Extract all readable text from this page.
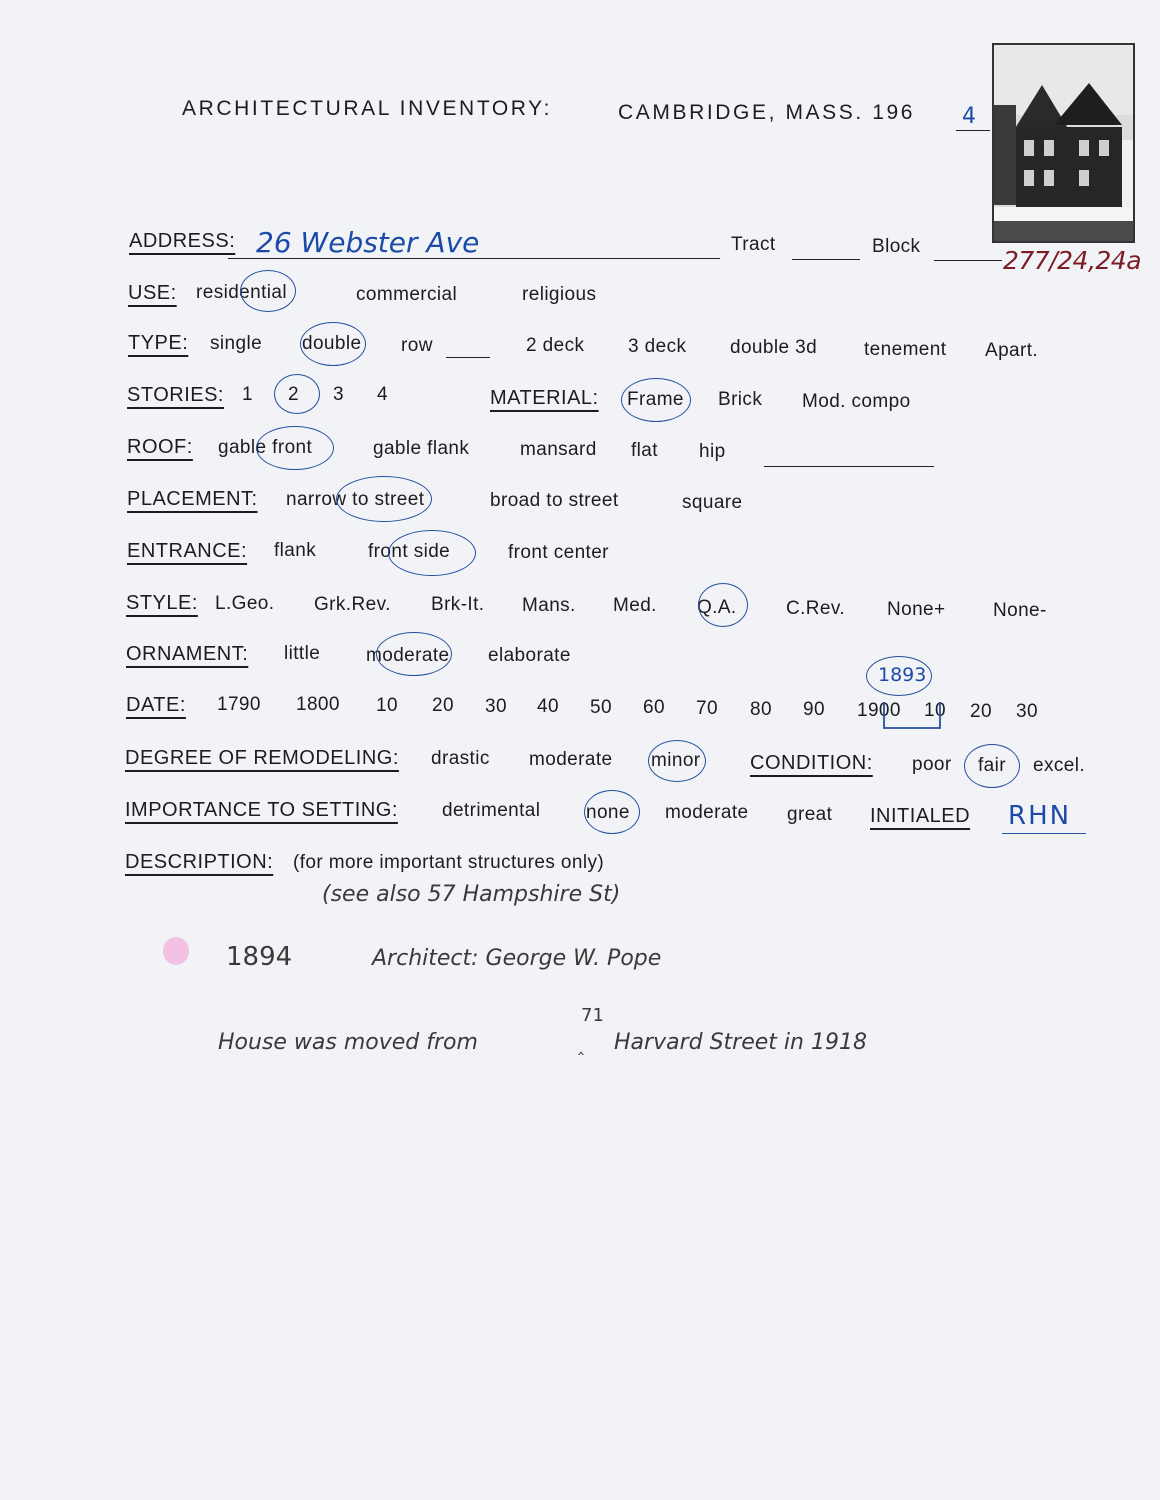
ARCHITECTURAL INVENTORY:	CAMBRIDGE, MASS. 196 4
ADDRESS: 26 Webster Ave	Tract	Block	277/24,24a
USE: residential	commercial	religious
TYPE: single double row	2 deck 3 deck double 3d tenement Apart.
STORIES: 1 2 3 4	MATERIAL: Frame Brick Mod. compo
ROOF: gable front	gable flank	mansard flat hip
PLACEMENT: narrow to street	broad to street	square
ENTRANCE: flank	front side	front center
STYLE: L.Geo. Grk.Rev. Brk-It. Mans. Med. Q.A.	C.Rev. None+ None-
ORNAMENT: little moderate elaborate
DATE: 1790 1800 10 20 30 40 50 60 70 80 90 1900 10 20 30
1893
DEGREE OF REMODELING: drastic moderate minor CONDITION: poor fair excel.
IMPORTANCE TO SETTING: detrimental none moderate great INITIALED RHN
DESCRIPTION: (for more important structures only)
(see also 57 Hampshire St)
1894	Architect: George W. Pope
House was moved from
71
‸ Harvard Street in 1918
